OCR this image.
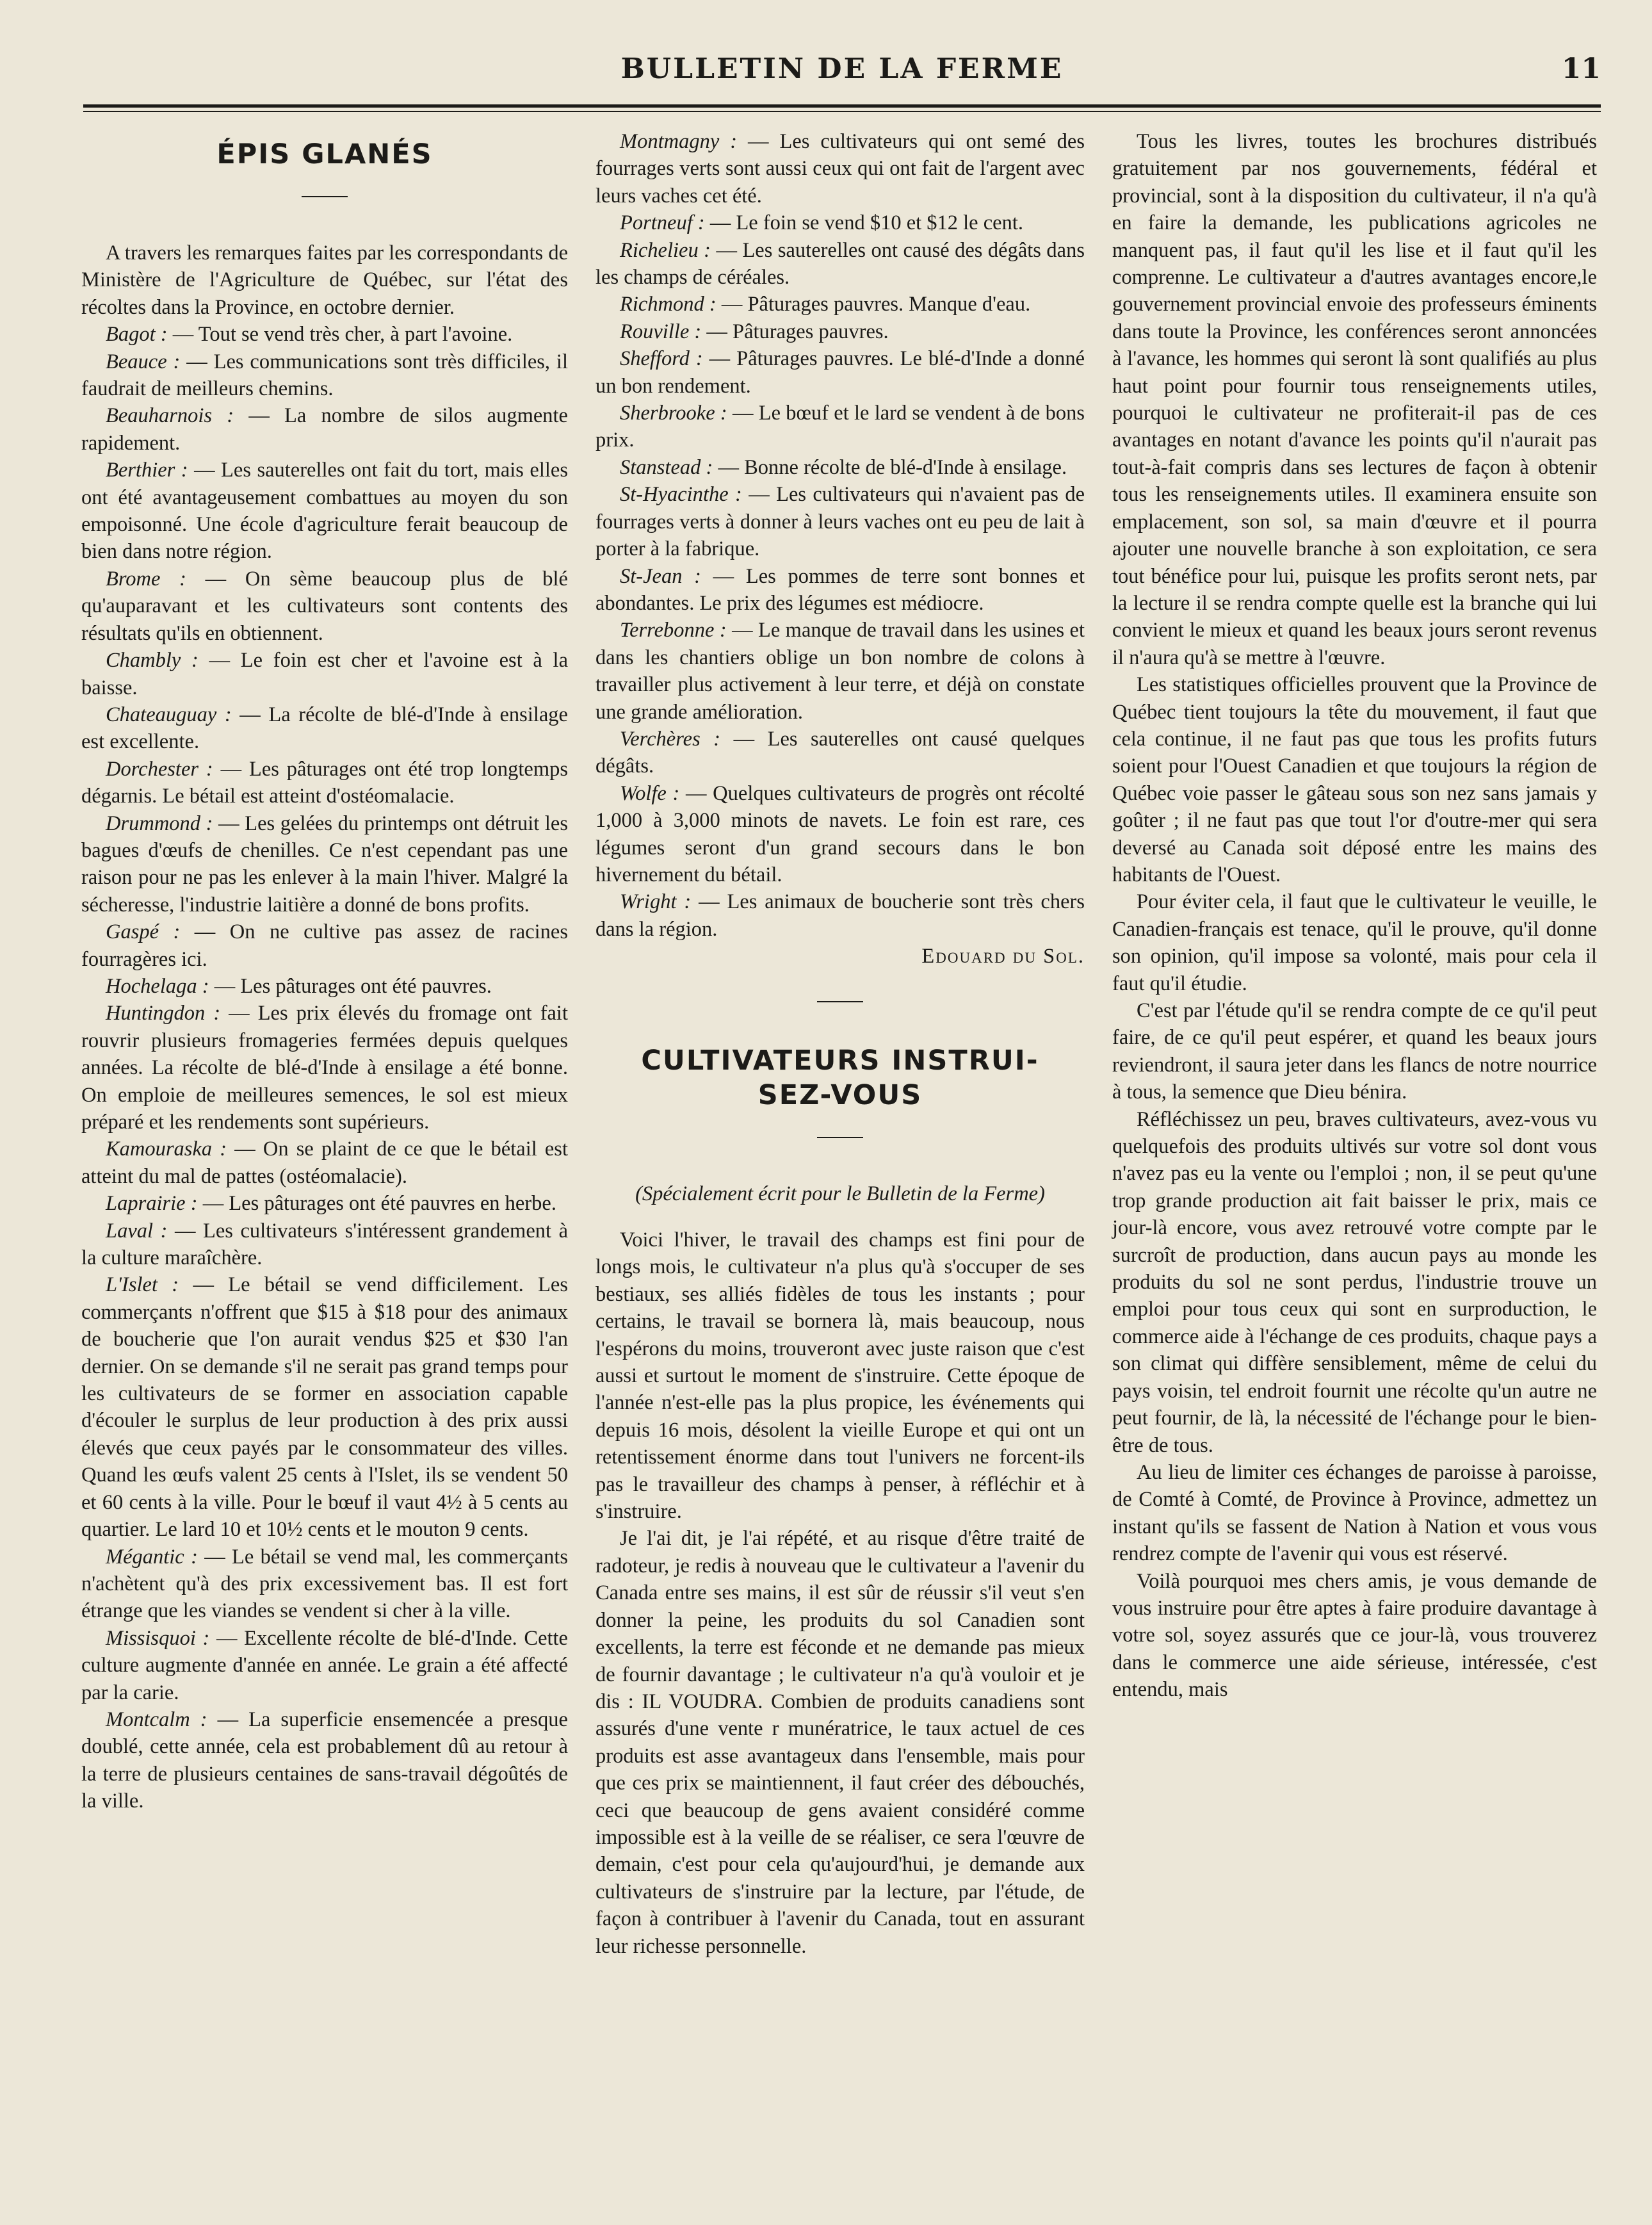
BULLETIN DE LA FERME	11
ÉPIS GLANÉS

A travers les remarques faites par les correspondants de Ministère de l'Agriculture de Québec, sur l'état des récoltes dans la Province, en octobre dernier.

Bagot : — Tout se vend très cher, à part l'avoine.

Beauce : — Les communications sont très difficiles, il faudrait de meilleurs chemins.

Beauharnois : — La nombre de silos augmente rapidement.

Berthier : — Les sauterelles ont fait du tort, mais elles ont été avantageusement combattues au moyen du son empoisonné. Une école d'agriculture ferait beaucoup de bien dans notre région.

Brome : — On sème beaucoup plus de blé qu'auparavant et les cultivateurs sont contents des résultats qu'ils en obtiennent.

Chambly : — Le foin est cher et l'avoine est à la baisse.

Chateauguay : — La récolte de blé-d'Inde à ensilage est excellente.

Dorchester : — Les pâturages ont été trop longtemps dégarnis. Le bétail est atteint d'ostéomalacie.

Drummond : — Les gelées du printemps ont détruit les bagues d'œufs de chenilles. Ce n'est cependant pas une raison pour ne pas les enlever à la main l'hiver. Malgré la sécheresse, l'industrie laitière a donné de bons profits.

Gaspé : — On ne cultive pas assez de racines fourragères ici.

Hochelaga : — Les pâturages ont été pauvres.

Huntingdon : — Les prix élevés du fromage ont fait rouvrir plusieurs fromageries fermées depuis quelques années. La récolte de blé-d'Inde à ensilage a été bonne. On emploie de meilleures semences, le sol est mieux préparé et les rendements sont supérieurs.

Kamouraska : — On se plaint de ce que le bétail est atteint du mal de pattes (ostéomalacie).

Laprairie : — Les pâturages ont été pauvres en herbe.

Laval : — Les cultivateurs s'intéressent grandement à la culture maraîchère.

L'Islet : — Le bétail se vend difficilement. Les commerçants n'offrent que $15 à $18 pour des animaux de boucherie que l'on aurait vendus $25 et $30 l'an dernier. On se demande s'il ne serait pas grand temps pour les cultivateurs de se former en association capable d'écouler le surplus de leur production à des prix aussi élevés que ceux payés par le consommateur des villes. Quand les œufs valent 25 cents à l'Islet, ils se vendent 50 et 60 cents à la ville. Pour le bœuf il vaut 4½ à 5 cents au quartier. Le lard 10 et 10½ cents et le mouton 9 cents.

Mégantic : — Le bétail se vend mal, les commerçants n'achètent qu'à des prix excessivement bas. Il est fort étrange que les viandes se vendent si cher à la ville.

Missisquoi : — Excellente récolte de blé-d'Inde. Cette culture augmente d'année en année. Le grain a été affecté par la carie.

Montcalm : — La superficie ensemencée a presque doublé, cette année, cela est probablement dû au retour à la terre de plusieurs centaines de sans-travail dégoûtés de la ville.

Montmagny : — Les cultivateurs qui ont semé des fourrages verts sont aussi ceux qui ont fait de l'argent avec leurs vaches cet été.

Portneuf : — Le foin se vend $10 et $12 le cent.

Richelieu : — Les sauterelles ont causé des dégâts dans les champs de céréales.

Richmond : — Pâturages pauvres. Manque d'eau.

Rouville : — Pâturages pauvres.

Shefford : — Pâturages pauvres. Le blé-d'Inde a donné un bon rendement.

Sherbrooke : — Le bœuf et le lard se vendent à de bons prix.

Stanstead : — Bonne récolte de blé-d'Inde à ensilage.

St-Hyacinthe : — Les cultivateurs qui n'avaient pas de fourrages verts à donner à leurs vaches ont eu peu de lait à porter à la fabrique.

St-Jean : — Les pommes de terre sont bonnes et abondantes. Le prix des légumes est médiocre.

Terrebonne : — Le manque de travail dans les usines et dans les chantiers oblige un bon nombre de colons à travailler plus activement à leur terre, et déjà on constate une grande amélioration.

Verchères : — Les sauterelles ont causé quelques dégâts.

Wolfe : — Quelques cultivateurs de progrès ont récolté 1,000 à 3,000 minots de navets. Le foin est rare, ces légumes seront d'un grand secours dans le bon hivernement du bétail.

Wright : — Les animaux de boucherie sont très chers dans la région.

Edouard du Sol.

CULTIVATEURS INSTRUI-
SEZ-VOUS

(Spécialement écrit pour le Bulletin de la Ferme)

Voici l'hiver, le travail des champs est fini pour de longs mois, le cultivateur n'a plus qu'à s'occuper de ses bestiaux, ses alliés fidèles de tous les instants ; pour certains, le travail se bornera là, mais beaucoup, nous l'espérons du moins, trouveront avec juste raison que c'est aussi et surtout le moment de s'instruire. Cette époque de l'année n'est-elle pas la plus propice, les événements qui depuis 16 mois, désolent la vieille Europe et qui ont un retentissement énorme dans tout l'univers ne forcent-ils pas le travailleur des champs à penser, à réfléchir et à s'instruire.

Je l'ai dit, je l'ai répété, et au risque d'être traité de radoteur, je redis à nouveau que le cultivateur a l'avenir du Canada entre ses mains, il est sûr de réussir s'il veut s'en donner la peine, les produits du sol Canadien sont excellents, la terre est féconde et ne demande pas mieux de fournir davantage ; le cultivateur n'a qu'à vouloir et je dis : IL VOUDRA. Combien de produits canadiens sont assurés d'une vente r munératrice, le taux actuel de ces produits est asse avantageux dans l'ensemble, mais pour que ces prix se maintiennent, il faut créer des débouchés, ceci que beaucoup de gens avaient considéré comme impossible est à la veille de se réaliser, ce sera l'œuvre de demain, c'est pour cela qu'aujourd'hui, je demande aux cultivateurs de s'instruire par la lecture, par l'étude, de façon à contribuer à l'avenir du Canada, tout en assurant leur richesse personnelle.

Tous les livres, toutes les brochures distribués gratuitement par nos gouvernements, fédéral et provincial, sont à la disposition du cultivateur, il n'a qu'à en faire la demande, les publications agricoles ne manquent pas, il faut qu'il les lise et il faut qu'il les comprenne. Le cultivateur a d'autres avantages encore,le gouvernement provincial envoie des professeurs éminents dans toute la Province, les conférences seront annoncées à l'avance, les hommes qui seront là sont qualifiés au plus haut point pour fournir tous renseignements utiles, pourquoi le cultivateur ne profiterait-il pas de ces avantages en notant d'avance les points qu'il n'aurait pas tout-à-fait compris dans ses lectures de façon à obtenir tous les renseignements utiles. Il examinera ensuite son emplacement, son sol, sa main d'œuvre et il pourra ajouter une nouvelle branche à son exploitation, ce sera tout bénéfice pour lui, puisque les profits seront nets, par la lecture il se rendra compte quelle est la branche qui lui convient le mieux et quand les beaux jours seront revenus il n'aura qu'à se mettre à l'œuvre.

Les statistiques officielles prouvent que la Province de Québec tient toujours la tête du mouvement, il faut que cela continue, il ne faut pas que tous les profits futurs soient pour l'Ouest Canadien et que toujours la région de Québec voie passer le gâteau sous son nez sans jamais y goûter ; il ne faut pas que tout l'or d'outre-mer qui sera deversé au Canada soit déposé entre les mains des habitants de l'Ouest.

Pour éviter cela, il faut que le cultivateur le veuille, le Canadien-français est tenace, qu'il le prouve, qu'il donne son opinion, qu'il impose sa volonté, mais pour cela il faut qu'il étudie.

C'est par l'étude qu'il se rendra compte de ce qu'il peut faire, de ce qu'il peut espérer, et quand les beaux jours reviendront, il saura jeter dans les flancs de notre nourrice à tous, la semence que Dieu bénira.

Réfléchissez un peu, braves cultivateurs, avez-vous vu quelquefois des produits ultivés sur votre sol dont vous n'avez pas eu la vente ou l'emploi ; non, il se peut qu'une trop grande production ait fait baisser le prix, mais ce jour-là encore, vous avez retrouvé votre compte par le surcroît de production, dans aucun pays au monde les produits du sol ne sont perdus, l'industrie trouve un emploi pour tous ceux qui sont en surproduction, le commerce aide à l'échange de ces produits, chaque pays a son climat qui diffère sensiblement, même de celui du pays voisin, tel endroit fournit une récolte qu'un autre ne peut fournir, de là, la nécessité de l'échange pour le bien-être de tous.

Au lieu de limiter ces échanges de paroisse à paroisse, de Comté à Comté, de Province à Province, admettez un instant qu'ils se fassent de Nation à Nation et vous vous rendrez compte de l'avenir qui vous est réservé.

Voilà pourquoi mes chers amis, je vous demande de vous instruire pour être aptes à faire produire davantage à votre sol, soyez assurés que ce jour-là, vous trouverez dans le commerce une aide sérieuse, intéressée, c'est entendu, mais
